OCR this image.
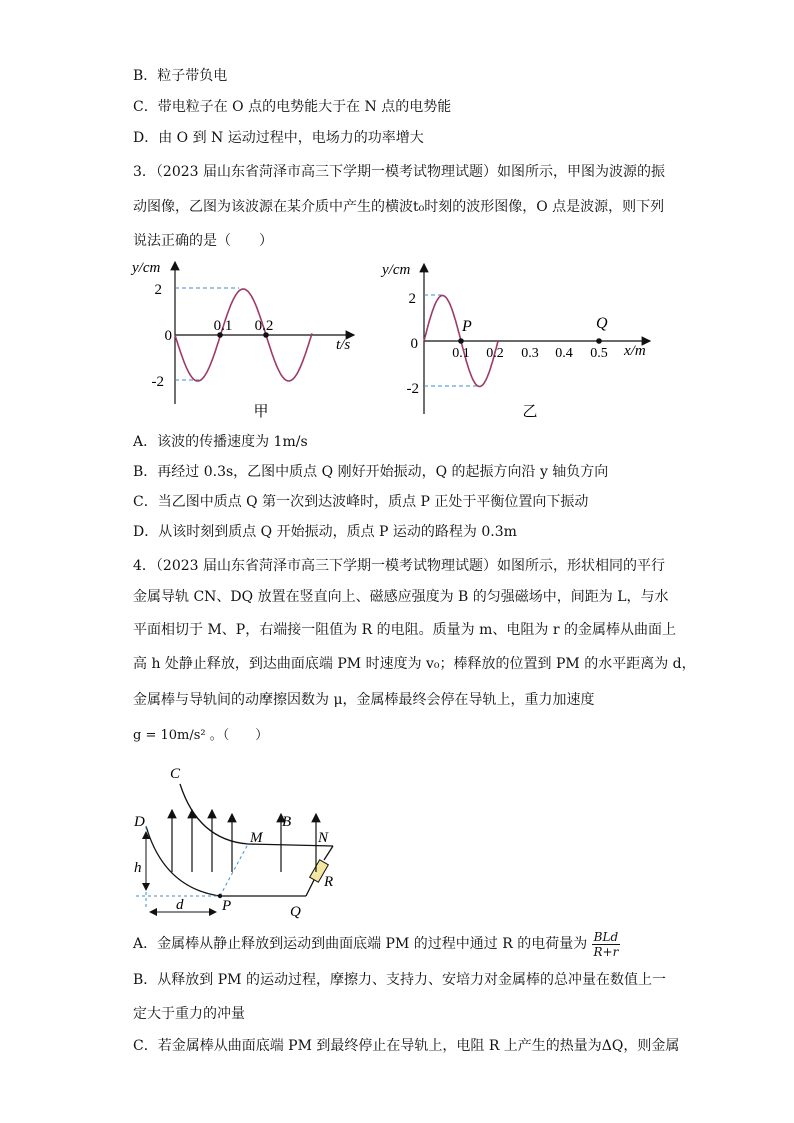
B．粒子带负电
C．带电粒子在 O 点的电势能大于在 N 点的电势能
D．由 O 到 N 运动过程中，电场力的功率增大
3．（2023 届山东省菏泽市高三下学期一模考试物理试题）如图所示，甲图为波源的振
动图像，乙图为该波源在某介质中产生的横波t₀时刻的波形图像，O 点是波源，则下列
说法正确的是（　　）
y/cm
2
0
-2
0.1 0.2
t/s
甲
y/cm
2
0
-2
0.1 0.2 0.3 0.4 0.5 x/m
P	Q
乙
A．该波的传播速度为 1m/s
B．再经过 0.3s，乙图中质点 Q 刚好开始振动，Q 的起振方向沿 y 轴负方向
C．当乙图中质点 Q 第一次到达波峰时，质点 P 正处于平衡位置向下振动
D．从该时刻到质点 Q 开始振动，质点 P 运动的路程为 0.3m
4．（2023 届山东省菏泽市高三下学期一模考试物理试题）如图所示，形状相同的平行
金属导轨 CN、DQ 放置在竖直向上、磁感应强度为 B 的匀强磁场中，间距为 L，与水
平面相切于 M、P，右端接一阻值为 R 的电阻。质量为 m、电阻为 r 的金属棒从曲面上
高 h 处静止释放，到达曲面底端 PM 时速度为 v₀；棒释放的位置到 PM 的水平距离为 d，
金属棒与导轨间的动摩擦因数为 μ，金属棒最终会停在导轨上，重力加速度
g = 10m/s² 。（　　）
C
D
M
B
N
h
R
d	P	Q
A．金属棒从静止释放到运动到曲面底端 PM 的过程中通过 R 的电荷量为 $\frac{\text{BLd}}{R+r}$
B．从释放到 PM 的运动过程，摩擦力、支持力、安培力对金属棒的总冲量在数值上一
定大于重力的冲量
C．若金属棒从曲面底端 PM 到最终停止在导轨上，电阻 R 上产生的热量为ΔQ，则金属
